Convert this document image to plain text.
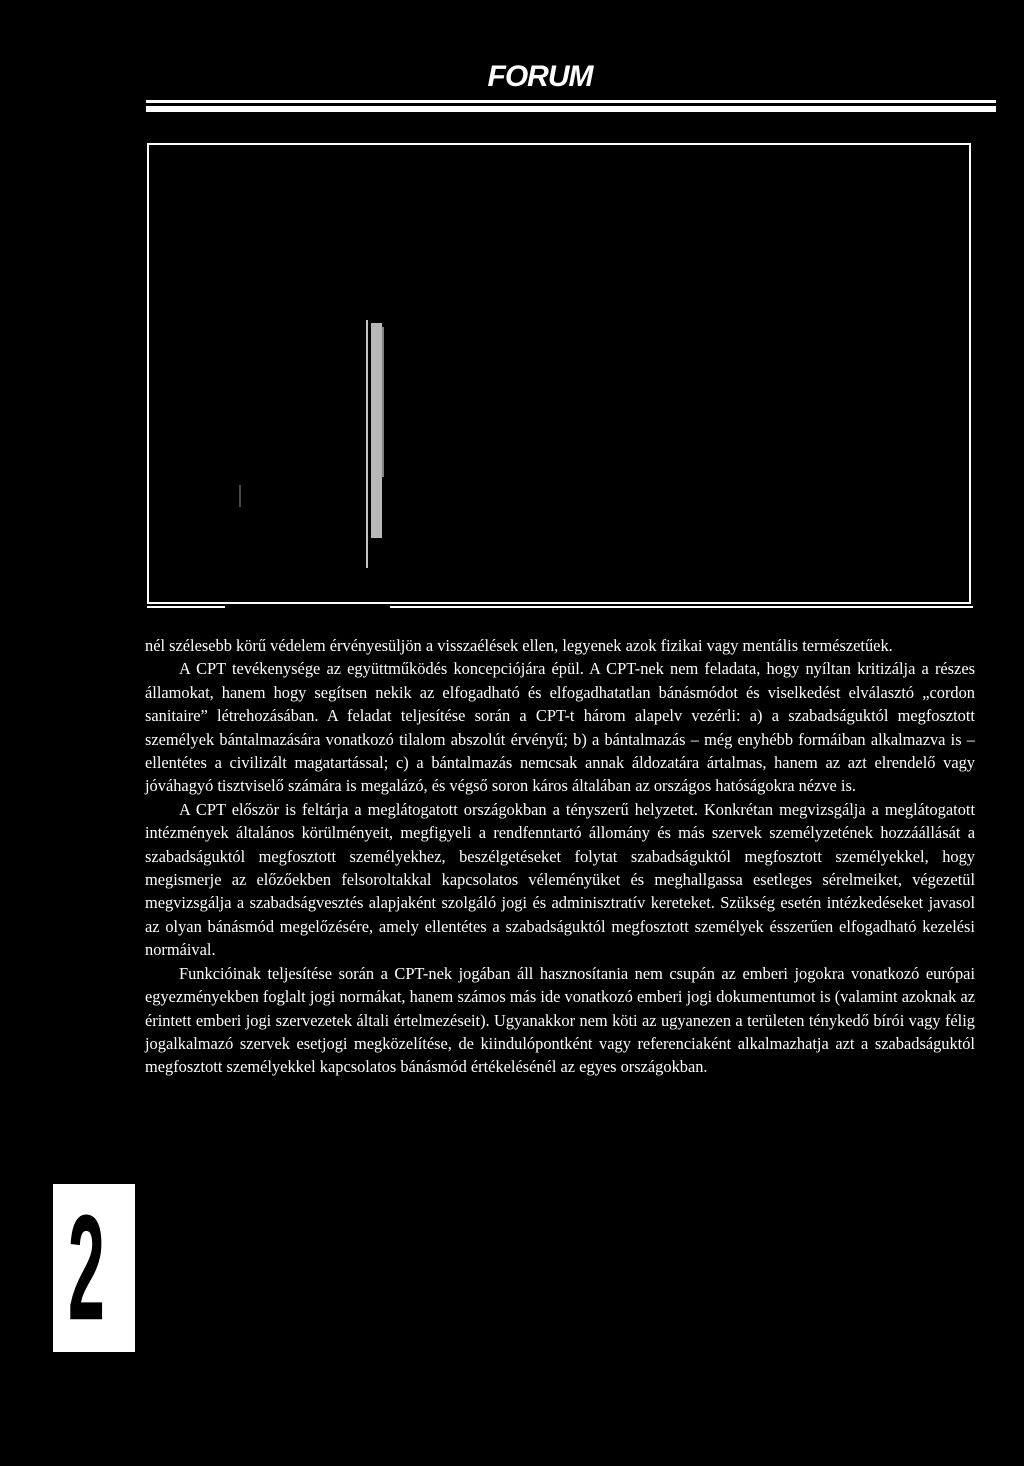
FORUM

nél szélesebb körű védelem érvényesüljön a visszaélések ellen, legyenek azok fizikai vagy mentális természetűek.

A CPT tevékenysége az együttműködés koncepciójára épül. A CPT-nek nem feladata, hogy nyíltan kritizálja a részes államokat, hanem hogy segítsen nekik az elfogadható és elfogadhatatlan bánásmódot és viselkedést elválasztó „cordon sanitaire” létrehozásában. A feladat teljesítése során a CPT-t három alapelv vezérli: a) a szabadságuktól megfosztott személyek bántalmazására vonatkozó tilalom abszolút érvényű; b) a bántalmazás – még enyhébb formáiban alkalmazva is – ellentétes a civilizált magatartással; c) a bántalmazás nemcsak annak áldozatára ártalmas, hanem az azt elrendelő vagy jóváhagyó tisztviselő számára is megalázó, és végső soron káros általában az országos hatóságokra nézve is.

A CPT először is feltárja a meglátogatott országokban a tényszerű helyzetet. Konkrétan megvizsgálja a meglátogatott intézmények általános körülményeit, megfigyeli a rendfenntartó állomány és más szervek személyzetének hozzáállását a szabadságuktól megfosztott személyekhez, beszélgetéseket folytat szabadságuktól megfosztott személyekkel, hogy megismerje az előzőekben felsoroltakkal kapcsolatos véleményüket és meghallgassa esetleges sérelmeiket, végezetül megvizsgálja a szabadságvesztés alapjaként szolgáló jogi és adminisztratív kereteket. Szükség esetén intézkedéseket javasol az olyan bánásmód megelőzésére, amely ellentétes a szabadságuktól megfosztott személyek ésszerűen elfogadható kezelési normáival.

Funkcióinak teljesítése során a CPT-nek jogában áll hasznosítania nem csupán az emberi jogokra vonatkozó európai egyezményekben foglalt jogi normákat, hanem számos más ide vonatkozó emberi jogi dokumentumot is (valamint azoknak az érintett emberi jogi szervezetek általi értelmezéseit). Ugyanakkor nem köti az ugyanezen a területen ténykedő bírói vagy félig jogalkalmazó szervek esetjogi megközelítése, de kiindulópontként vagy referenciaként alkalmazhatja azt a szabadságuktól megfosztott személyekkel kapcsolatos bánásmód értékelésénél az egyes országokban.

2 0
